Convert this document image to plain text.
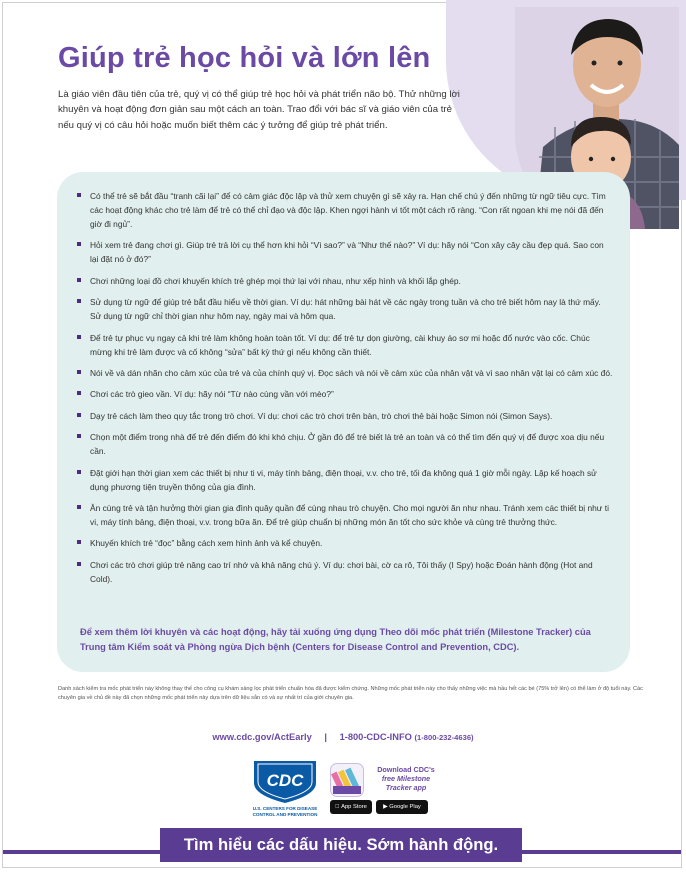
Giúp trẻ học hỏi và lớn lên

Là giáo viên đầu tiên của trẻ, quý vị có thể giúp trẻ học hỏi và phát triển não bộ. Thử những lời khuyên và hoạt động đơn giản sau một cách an toàn. Trao đổi với bác sĩ và giáo viên của trẻ nếu quý vị có câu hỏi hoặc muốn biết thêm các ý tưởng để giúp trẻ phát triển.

Có thể trẻ sẽ bắt đầu “tranh cãi lại” để có cảm giác độc lập và thử xem chuyện gì sẽ xảy ra. Hạn chế chú ý đến những từ ngữ tiêu cực. Tìm các hoạt động khác cho trẻ làm để trẻ có thể chỉ đạo và độc lập. Khen ngợi hành vi tốt một cách rõ ràng. “Con rất ngoan khi mẹ nói đã đến giờ đi ngủ”.
Hỏi xem trẻ đang chơi gì. Giúp trẻ trả lời cụ thể hơn khi hỏi “Vì sao?” và “Như thế nào?” Ví dụ: hãy nói “Con xây cây cầu đẹp quá. Sao con lại đặt nó ở đó?”
Chơi những loại đồ chơi khuyến khích trẻ ghép mọi thứ lại với nhau, như xếp hình và khối lắp ghép.
Sử dụng từ ngữ để giúp trẻ bắt đầu hiểu về thời gian. Ví dụ: hát những bài hát về các ngày trong tuần và cho trẻ biết hôm nay là thứ mấy. Sử dụng từ ngữ chỉ thời gian như hôm nay, ngày mai và hôm qua.
Để trẻ tự phục vụ ngay cả khi trẻ làm không hoàn toàn tốt. Ví dụ: để trẻ tự dọn giường, cài khuy áo sơ mi hoặc đổ nước vào cốc. Chúc mừng khi trẻ làm được và cố không “sửa” bất kỳ thứ gì nếu không cần thiết.
Nói về và dán nhãn cho cảm xúc của trẻ và của chính quý vị. Đọc sách và nói về cảm xúc của nhân vật và vì sao nhân vật lại có cảm xúc đó.
Chơi các trò gieo vần. Ví dụ: hãy nói “Từ nào cùng vần với mèo?”
Dạy trẻ cách làm theo quy tắc trong trò chơi. Ví dụ: chơi các trò chơi trên bàn, trò chơi thẻ bài hoặc Simon nói (Simon Says).
Chọn một điểm trong nhà để trẻ đến điểm đó khi khó chịu. Ở gần đó để trẻ biết là trẻ an toàn và có thể tìm đến quý vị để được xoa dịu nếu cần.
Đặt giới hạn thời gian xem các thiết bị như ti vi, máy tính bảng, điện thoại, v.v. cho trẻ, tối đa không quá 1 giờ mỗi ngày. Lập kế hoạch sử dụng phương tiện truyền thông của gia đình.
Ăn cùng trẻ và tận hưởng thời gian gia đình quây quần để cùng nhau trò chuyện. Cho mọi người ăn như nhau. Tránh xem các thiết bị như ti vi, máy tính bảng, điện thoại, v.v. trong bữa ăn. Để trẻ giúp chuẩn bị những món ăn tốt cho sức khỏe và cùng trẻ thưởng thức.
Khuyến khích trẻ “đọc” bằng cách xem hình ảnh và kể chuyện.
Chơi các trò chơi giúp trẻ nâng cao trí nhớ và khả năng chú ý. Ví dụ: chơi bài, cờ ca rô, Tôi thấy (I Spy) hoặc Đoán hành động (Hot and Cold).

Để xem thêm lời khuyên và các hoạt động, hãy tải xuống ứng dụng Theo dõi mốc phát triển (Milestone Tracker) của Trung tâm Kiểm soát và Phòng ngừa Dịch bệnh (Centers for Disease Control and Prevention, CDC).

Danh sách kiểm tra mốc phát triển này không thay thế cho công cụ khám sàng lọc phát triển chuẩn hóa đã được kiểm chứng. Những mốc phát triển này cho thấy những việc mà hầu hết các bé (75% trở lên) có thể làm ở độ tuổi này. Các chuyên gia về chủ đề này đã chọn những mốc phát triển này dựa trên dữ liệu sẵn có và sự nhất trí của giới chuyên gia.

www.cdc.gov/ActEarly | 1-800-CDC-INFO (1-800-232-4636)
CDC
U.S. CENTERS FOR DISEASE
CONTROL AND PREVENTION

Download CDC's
free Milestone
Tracker app

App Store	▶ Google Play
Tìm hiểu các dấu hiệu. Sớm hành động.
